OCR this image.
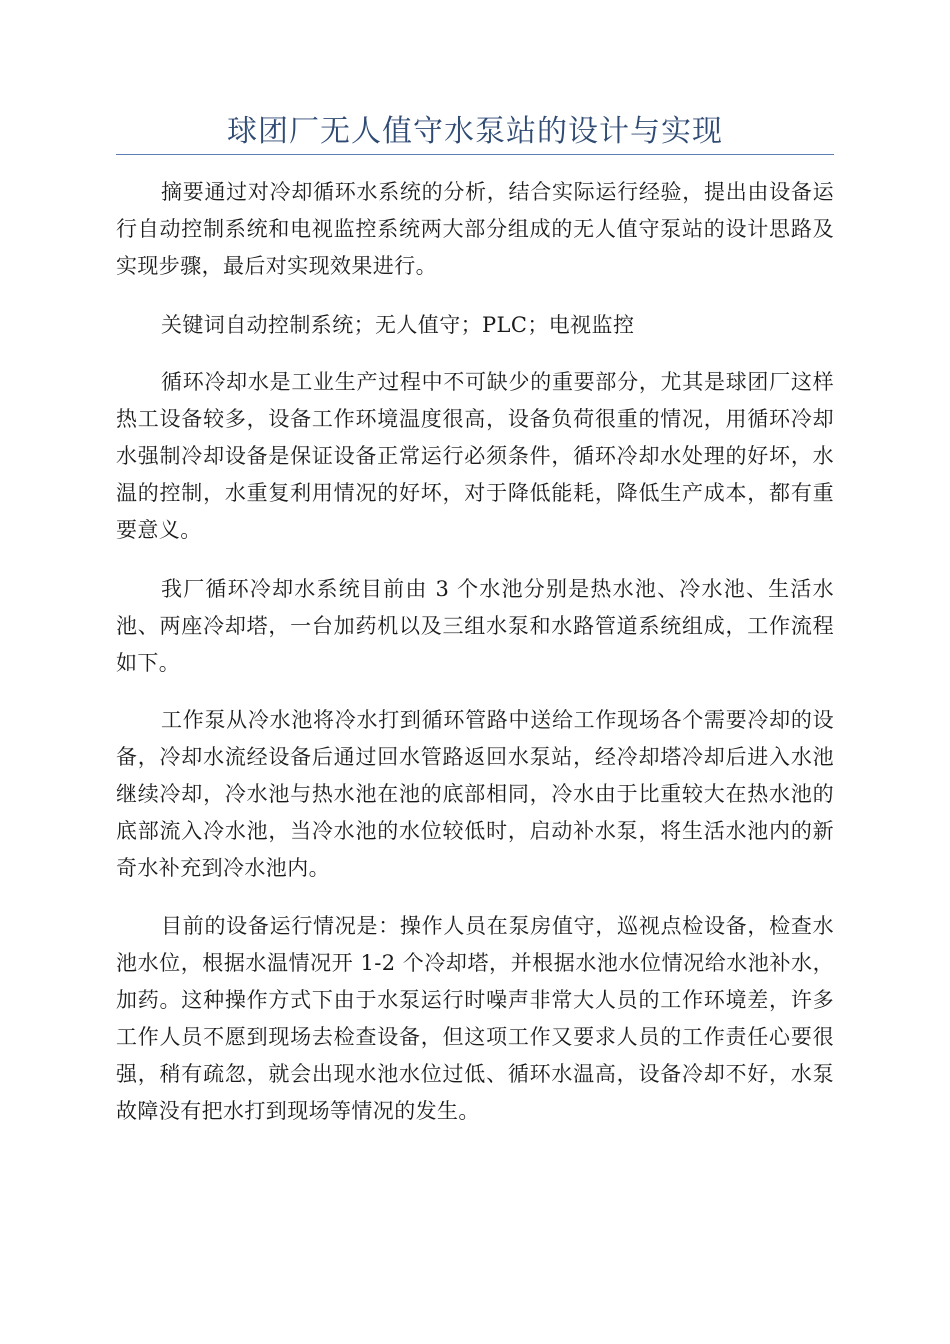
球团厂无人值守水泵站的设计与实现

摘要通过对冷却循环水系统的分析，结合实际运行经验，提出由设备运行自动控制系统和电视监控系统两大部分组成的无人值守泵站的设计思路及实现步骤，最后对实现效果进行。

关键词自动控制系统；无人值守；PLC；电视监控

循环冷却水是工业生产过程中不可缺少的重要部分，尤其是球团厂这样热工设备较多，设备工作环境温度很高，设备负荷很重的情况，用循环冷却水强制冷却设备是保证设备正常运行必须条件，循环冷却水处理的好坏，水温的控制，水重复利用情况的好坏，对于降低能耗，降低生产成本，都有重要意义。

我厂循环冷却水系统目前由 3 个水池分别是热水池、冷水池、生活水池、两座冷却塔，一台加药机以及三组水泵和水路管道系统组成，工作流程如下。

工作泵从冷水池将冷水打到循环管路中送给工作现场各个需要冷却的设备，冷却水流经设备后通过回水管路返回水泵站，经冷却塔冷却后进入水池继续冷却，冷水池与热水池在池的底部相同，冷水由于比重较大在热水池的底部流入冷水池，当冷水池的水位较低时，启动补水泵，将生活水池内的新奇水补充到冷水池内。

目前的设备运行情况是：操作人员在泵房值守，巡视点检设备，检查水池水位，根据水温情况开 1-2 个冷却塔，并根据水池水位情况给水池补水，加药。这种操作方式下由于水泵运行时噪声非常大人员的工作环境差，许多工作人员不愿到现场去检查设备，但这项工作又要求人员的工作责任心要很强，稍有疏忽，就会出现水池水位过低、循环水温高，设备冷却不好，水泵故障没有把水打到现场等情况的发生。
